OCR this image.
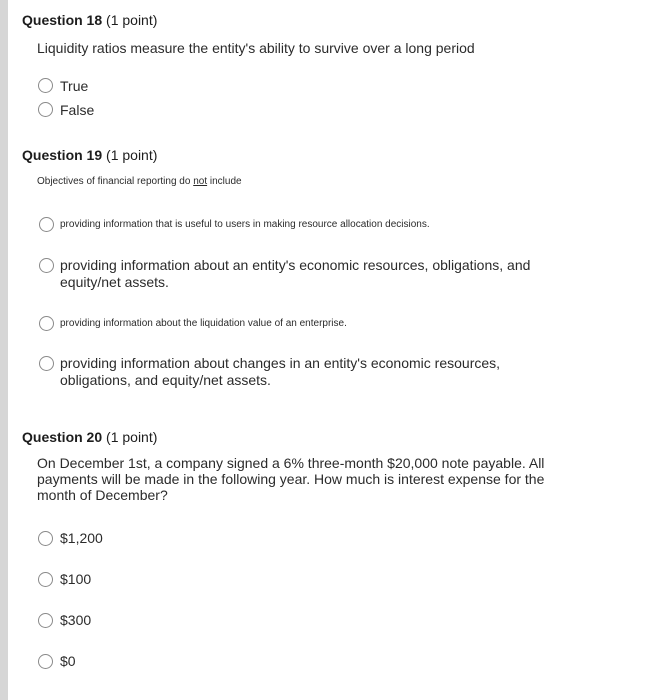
Question 18 (1 point)
Liquidity ratios measure the entity's ability to survive over a long period
True
False
Question 19 (1 point)
Objectives of financial reporting do not include
providing information that is useful to users in making resource allocation decisions.
providing information about an entity's economic resources, obligations, and equity/net assets.
providing information about the liquidation value of an enterprise.
providing information about changes in an entity's economic resources, obligations, and equity/net assets.
Question 20 (1 point)
On December 1st, a company signed a 6% three-month $20,000 note payable. All payments will be made in the following year. How much is interest expense for the month of December?
$1,200
$100
$300
$0
